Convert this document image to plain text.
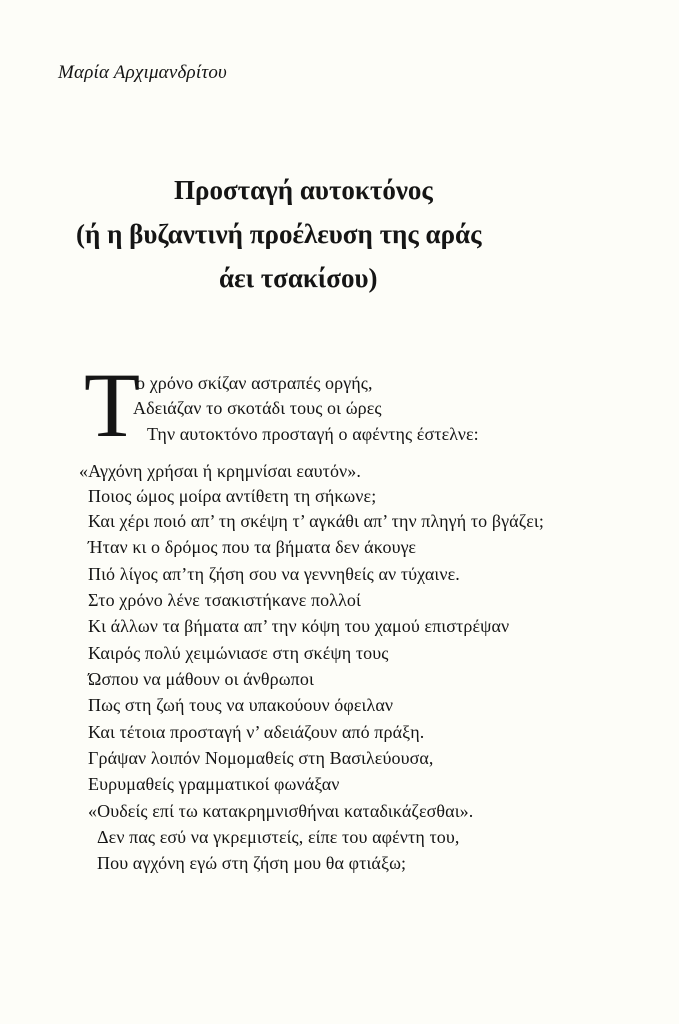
Μαρία Αρχιμανδρίτου
Προσταγή αυτοκτόνος
(ή η βυζαντινή προέλευση της αράς
άει τσακίσου)
Τ
ο χρόνο σκίζαν αστραπές οργής,
Αδειάζαν το σκοτάδι τους οι ώρες
Την αυτοκτόνο προσταγή ο αφέντης έστελνε:
«Αγχόνη χρήσαι ή κρημνίσαι εαυτόν».
Ποιος ώμος μοίρα αντίθετη τη σήκωνε;
Και χέρι ποιό απ’ τη σκέψη τ’ αγκάθι απ’ την πληγή το βγάζει;
Ήταν κι ο δρόμος που τα βήματα δεν άκουγε
Πιό λίγος απ’τη ζήση σου να γεννηθείς αν τύχαινε.
Στο χρόνο λένε τσακιστήκανε πολλοί
Κι άλλων τα βήματα απ’ την κόψη του χαμού επιστρέψαν
Καιρός πολύ χειμώνιασε στη σκέψη τους
Ώσπου να μάθουν οι άνθρωποι
Πως στη ζωή τους να υπακούουν όφειλαν
Και τέτοια προσταγή ν’ αδειάζουν από πράξη.
Γράψαν λοιπόν Νομομαθείς στη Βασιλεύουσα,
Ευρυμαθείς γραμματικοί φωνάξαν
«Ουδείς επί τω κατακρημνισθήναι καταδικάζεσθαι».
Δεν πας εσύ να γκρεμιστείς, είπε του αφέντη του,
Που αγχόνη εγώ στη ζήση μου θα φτιάξω;
